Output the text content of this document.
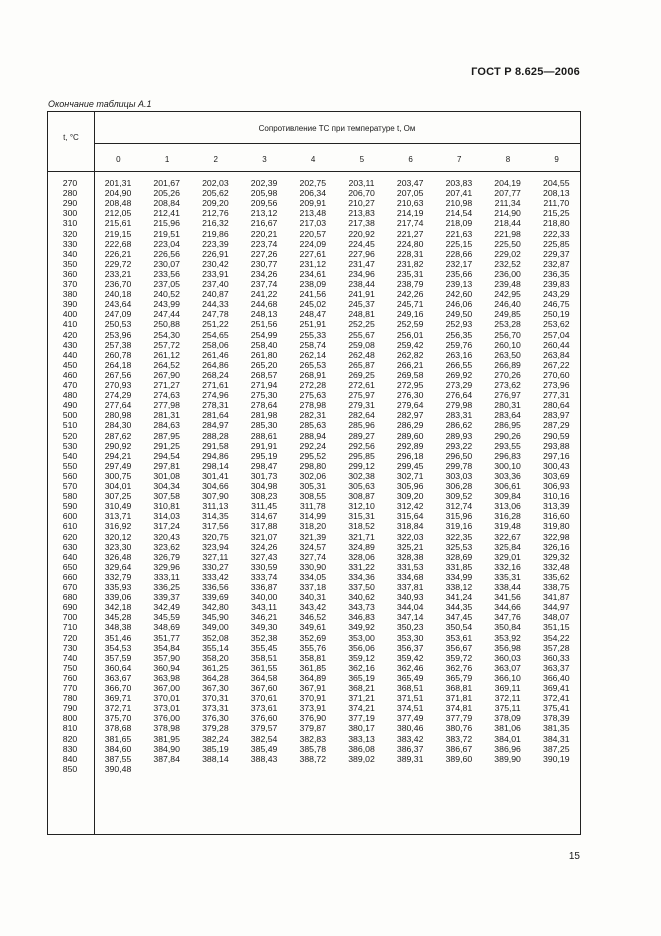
ГОСТ Р 8.625—2006
Окончание таблицы А.1
t, °С
Сопротивление ТС при температуре t, Ом
0	1	2	3	4	5	6	7	8	9
270	201,31	201,67	202,03	202,39	202,75	203,11	203,47	203,83	204,19	204,55
280	204,90	205,26	205,62	205,98	206,34	206,70	207,05	207,41	207,77	208,13
290	208,48	208,84	209,20	209,56	209,91	210,27	210,63	210,98	211,34	211,70
300	212,05	212,41	212,76	213,12	213,48	213,83	214,19	214,54	214,90	215,25
310	215,61	215,96	216,32	216,67	217,03	217,38	217,74	218,09	218,44	218,80
320	219,15	219,51	219,86	220,21	220,57	220,92	221,27	221,63	221,98	222,33
330	222,68	223,04	223,39	223,74	224,09	224,45	224,80	225,15	225,50	225,85
340	226,21	226,56	226,91	227,26	227,61	227,96	228,31	228,66	229,02	229,37
350	229,72	230,07	230,42	230,77	231,12	231,47	231,82	232,17	232,52	232,87
360	233,21	233,56	233,91	234,26	234,61	234,96	235,31	235,66	236,00	236,35
370	236,70	237,05	237,40	237,74	238,09	238,44	238,79	239,13	239,48	239,83
380	240,18	240,52	240,87	241,22	241,56	241,91	242,26	242,60	242,95	243,29
390	243,64	243,99	244,33	244,68	245,02	245,37	245,71	246,06	246,40	246,75
400	247,09	247,44	247,78	248,13	248,47	248,81	249,16	249,50	249,85	250,19
410	250,53	250,88	251,22	251,56	251,91	252,25	252,59	252,93	253,28	253,62
420	253,96	254,30	254,65	254,99	255,33	255,67	256,01	256,35	256,70	257,04
430	257,38	257,72	258,06	258,40	258,74	259,08	259,42	259,76	260,10	260,44
440	260,78	261,12	261,46	261,80	262,14	262,48	262,82	263,16	263,50	263,84
450	264,18	264,52	264,86	265,20	265,53	265,87	266,21	266,55	266,89	267,22
460	267,56	267,90	268,24	268,57	268,91	269,25	269,58	269,92	270,26	270,60
470	270,93	271,27	271,61	271,94	272,28	272,61	272,95	273,29	273,62	273,96
480	274,29	274,63	274,96	275,30	275,63	275,97	276,30	276,64	276,97	277,31
490	277,64	277,98	278,31	278,64	278,98	279,31	279,64	279,98	280,31	280,64
500	280,98	281,31	281,64	281,98	282,31	282,64	282,97	283,31	283,64	283,97
510	284,30	284,63	284,97	285,30	285,63	285,96	286,29	286,62	286,95	287,29
520	287,62	287,95	288,28	288,61	288,94	289,27	289,60	289,93	290,26	290,59
530	290,92	291,25	291,58	291,91	292,24	292,56	292,89	293,22	293,55	293,88
540	294,21	294,54	294,86	295,19	295,52	295,85	296,18	296,50	296,83	297,16
550	297,49	297,81	298,14	298,47	298,80	299,12	299,45	299,78	300,10	300,43
560	300,75	301,08	301,41	301,73	302,06	302,38	302,71	303,03	303,36	303,69
570	304,01	304,34	304,66	304,98	305,31	305,63	305,96	306,28	306,61	306,93
580	307,25	307,58	307,90	308,23	308,55	308,87	309,20	309,52	309,84	310,16
590	310,49	310,81	311,13	311,45	311,78	312,10	312,42	312,74	313,06	313,39
600	313,71	314,03	314,35	314,67	314,99	315,31	315,64	315,96	316,28	316,60
610	316,92	317,24	317,56	317,88	318,20	318,52	318,84	319,16	319,48	319,80
620	320,12	320,43	320,75	321,07	321,39	321,71	322,03	322,35	322,67	322,98
630	323,30	323,62	323,94	324,26	324,57	324,89	325,21	325,53	325,84	326,16
640	326,48	326,79	327,11	327,43	327,74	328,06	328,38	328,69	329,01	329,32
650	329,64	329,96	330,27	330,59	330,90	331,22	331,53	331,85	332,16	332,48
660	332,79	333,11	333,42	333,74	334,05	334,36	334,68	334,99	335,31	335,62
670	335,93	336,25	336,56	336,87	337,18	337,50	337,81	338,12	338,44	338,75
680	339,06	339,37	339,69	340,00	340,31	340,62	340,93	341,24	341,56	341,87
690	342,18	342,49	342,80	343,11	343,42	343,73	344,04	344,35	344,66	344,97
700	345,28	345,59	345,90	346,21	346,52	346,83	347,14	347,45	347,76	348,07
710	348,38	348,69	349,00	349,30	349,61	349,92	350,23	350,54	350,84	351,15
720	351,46	351,77	352,08	352,38	352,69	353,00	353,30	353,61	353,92	354,22
730	354,53	354,84	355,14	355,45	355,76	356,06	356,37	356,67	356,98	357,28
740	357,59	357,90	358,20	358,51	358,81	359,12	359,42	359,72	360,03	360,33
750	360,64	360,94	361,25	361,55	361,85	362,16	362,46	362,76	363,07	363,37
760	363,67	363,98	364,28	364,58	364,89	365,19	365,49	365,79	366,10	366,40
770	366,70	367,00	367,30	367,60	367,91	368,21	368,51	368,81	369,11	369,41
780	369,71	370,01	370,31	370,61	370,91	371,21	371,51	371,81	372,11	372,41
790	372,71	373,01	373,31	373,61	373,91	374,21	374,51	374,81	375,11	375,41
800	375,70	376,00	376,30	376,60	376,90	377,19	377,49	377,79	378,09	378,39
810	378,68	378,98	379,28	379,57	379,87	380,17	380,46	380,76	381,06	381,35
820	381,65	381,95	382,24	382,54	382,83	383,13	383,42	383,72	384,01	384,31
830	384,60	384,90	385,19	385,49	385,78	386,08	386,37	386,67	386,96	387,25
840	387,55	387,84	388,14	388,43	388,72	389,02	389,31	389,60	389,90	390,19
850	390,48
15
